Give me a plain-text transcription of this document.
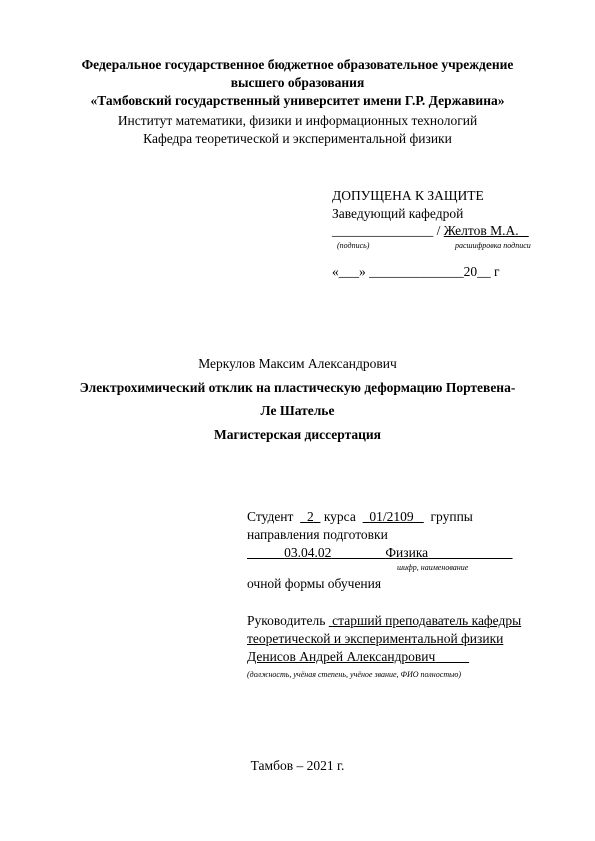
Федеральное государственное бюджетное образовательное учреждение
высшего образования
«Тамбовский государственный университет имени Г.Р. Державина»
Институт математики, физики и информационных технологий
Кафедра теоретической и экспериментальной физики
ДОПУЩЕНА К ЗАЩИТЕ
Заведующий кафедрой
_______________ / Желтов М.А.
(подпись)	расшифровка подписи
«___» ______________20__ г
Меркулов Максим Александрович
Электрохимический отклик на пластическую деформацию Портевена-
Ле Шателье
Магистерская диссертация
Студент 2 курса 01/2109 группы
направления подготовки
03.04.02	Физика
шифр, наименование
очной формы обучения
Руководитель старший преподаватель кафедры
теоретической и экспериментальной физики
Денисов Андрей Александрович
(должность, учёная степень, учёное звание, ФИО полностью)
Тамбов – 2021 г.
